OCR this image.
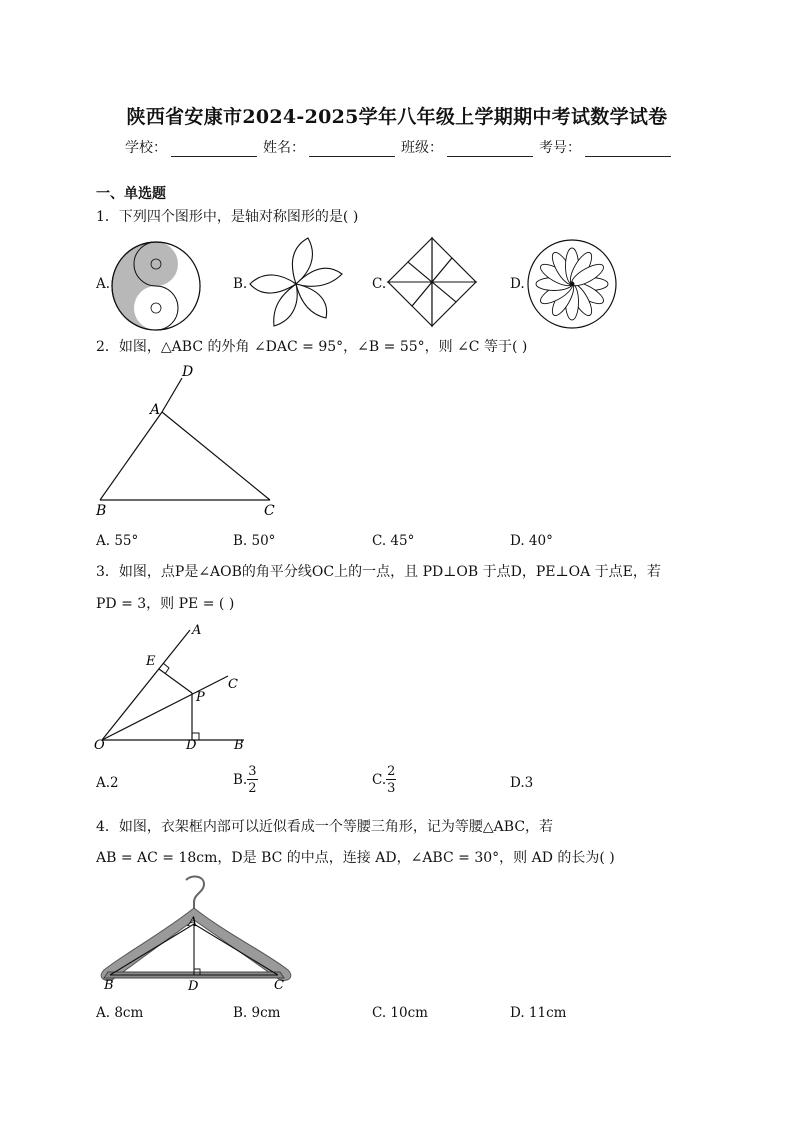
陕西省安康市2024-2025学年八年级上学期期中考试数学试卷
学校：	姓名：	班级：	考号：
一、单选题
1．下列四个图形中，是轴对称图形的是( )
A.	B.	C.	D.
2．如图，△ABC 的外角 ∠DAC = 95°，∠B = 55°，则 ∠C 等于( )
D
A
B	C
A. 55°	B. 50°	C. 45°	D. 40°
3．如图，点P是∠AOB的角平分线OC上的一点，且 PD⊥OB 于点D，PE⊥OA 于点E，若
PD = 3，则 PE = ( )
A
E
C
P
O	D	B
A.2	B. $\frac{3}{2}$	C. $\frac{2}{3}$	D.3
4．如图，衣架框内部可以近似看成一个等腰三角形，记为等腰△ABC，若
AB = AC = 18cm，D是 BC 的中点，连接 AD，∠ABC = 30°，则 AD 的长为( )
A
B	D	C
A. 8cm	B. 9cm	C. 10cm	D. 11cm
